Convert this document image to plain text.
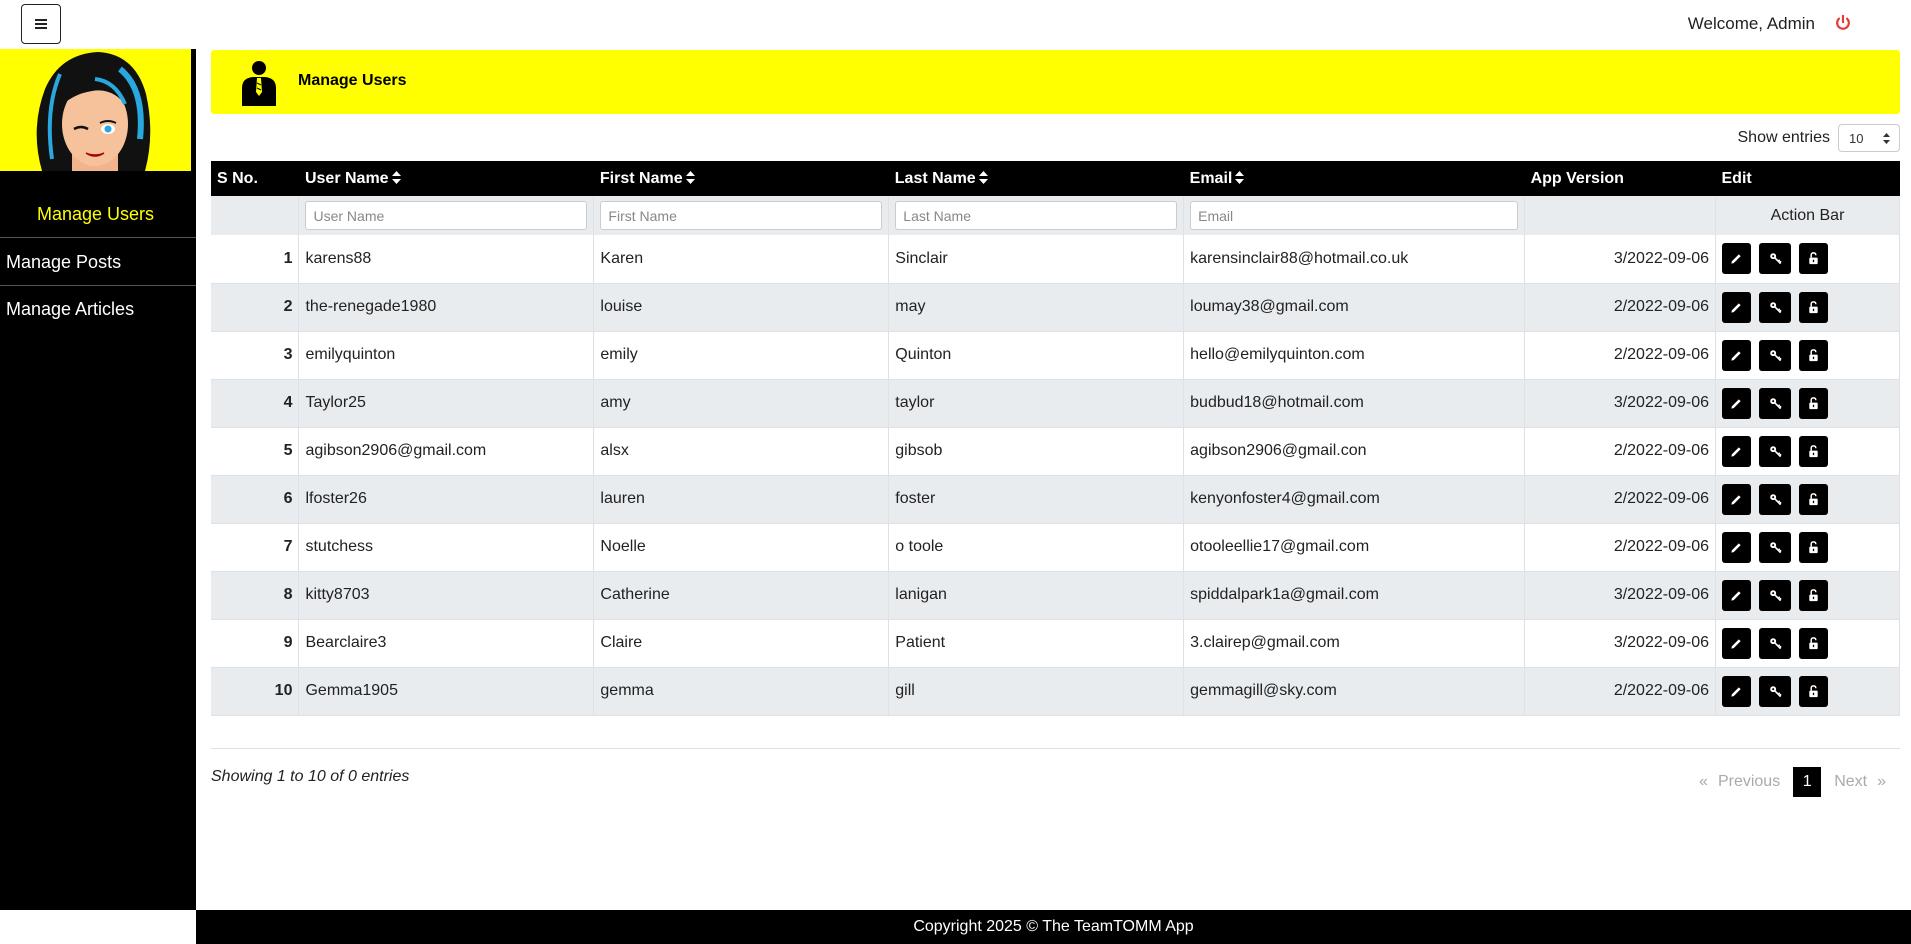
Welcome, Admin
Manage Users
Manage Posts
Manage Articles
Manage Users
Show entries 10
S No.	User Name	First Name	Last Name	Email	App Version	Edit
	User Name	First Name	Last Name	Email		Action Bar
1	karens88	Karen	Sinclair	karensinclair88@hotmail.co.uk	3/2022-09-06	

2	the-renegade1980	louise	may	loumay38@gmail.com	2/2022-09-06	

3	emilyquinton	emily	Quinton	hello@emilyquinton.com	2/2022-09-06	

4	Taylor25	amy	taylor	budbud18@hotmail.com	3/2022-09-06	

5	agibson2906@gmail.com	alsx	gibsob	agibson2906@gmail.con	2/2022-09-06	

6	lfoster26	lauren	foster	kenyonfoster4@gmail.com	2/2022-09-06	

7	stutchess	Noelle	o toole	otooleellie17@gmail.com	2/2022-09-06	

8	kitty8703	Catherine	lanigan	spiddalpark1a@gmail.com	3/2022-09-06	

9	Bearclaire3	Claire	Patient	3.clairep@gmail.com	3/2022-09-06	

10	Gemma1905	gemma	gill	gemmagill@sky.com	2/2022-09-06	
Showing 1 to 10 of 0 entries	« Previous	1	Next »
Copyright 2025 © The TeamTOMM App
